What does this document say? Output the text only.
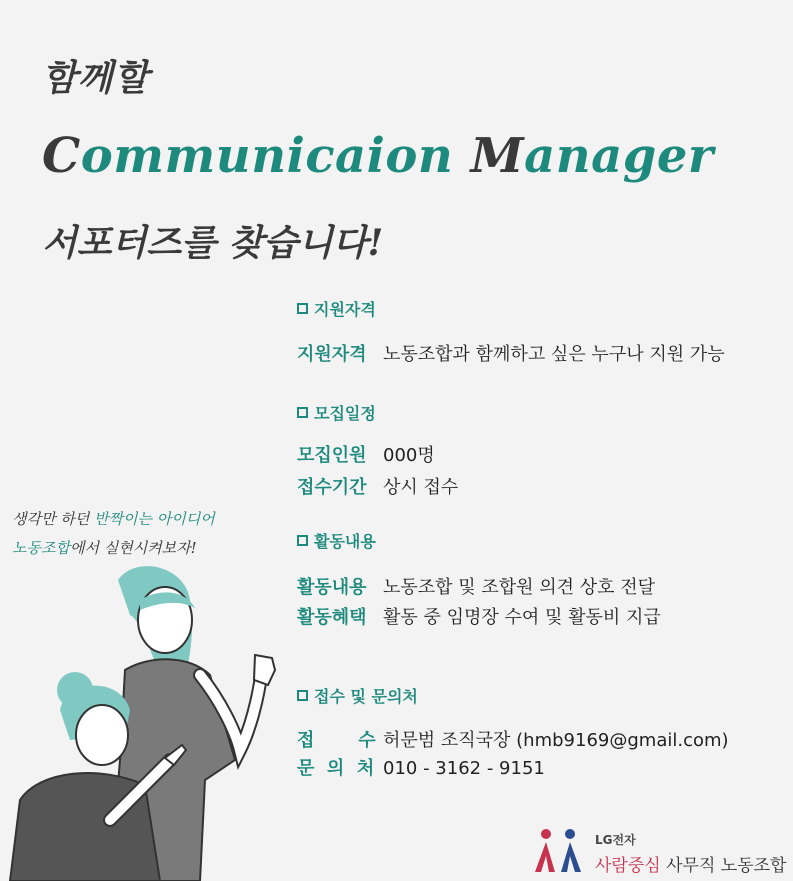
함께할
Communicaion Manager
서포터즈를 찾습니다!
지원자격
지원자격 노동조합과 함께하고 싶은 누구나 지원 가능
모집일정
모집인원 000명
접수기간 상시 접수
활동내용
활동내용 노동조합 및 조합원 의견 상호 전달
활동혜택 활동 중 임명장 수여 및 활동비 지급
접수 및 문의처
접       수 허문범 조직국장 (hmb9169@gmail.com)
문  의  처 010 - 3162 - 9151
생각만 하던 반짝이는 아이디어
노동조합에서 실현시켜보자!
LG전자
사람중심 사무직 노동조합
